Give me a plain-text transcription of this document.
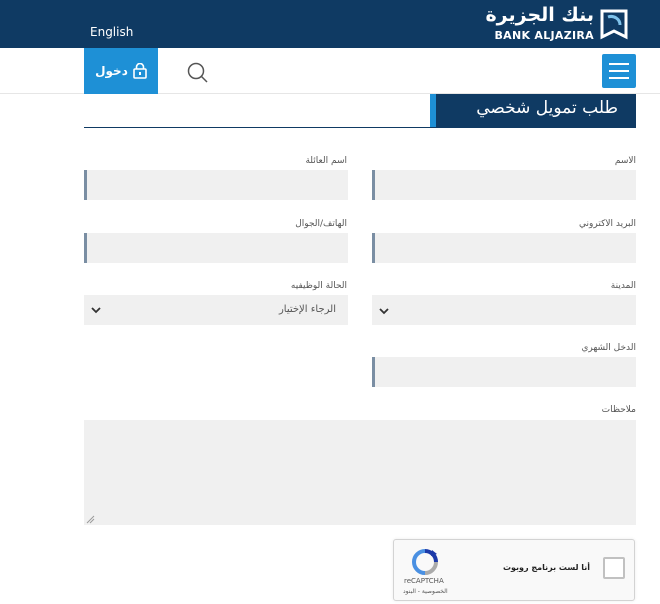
English
بنك الجزيرة
BANK ALJAZIRA
دخول
طلب تمويل شخصي
الاسم
اسم العائلة
البريد الاكتروني
الهاتف/الجوال
المدينة
الحالة الوظيفيه
الرجاء الإختيار
الدخل الشهري
ملاحظات
أنا لست برنامج روبوت
reCAPTCHA
الخصوصية - البنود
